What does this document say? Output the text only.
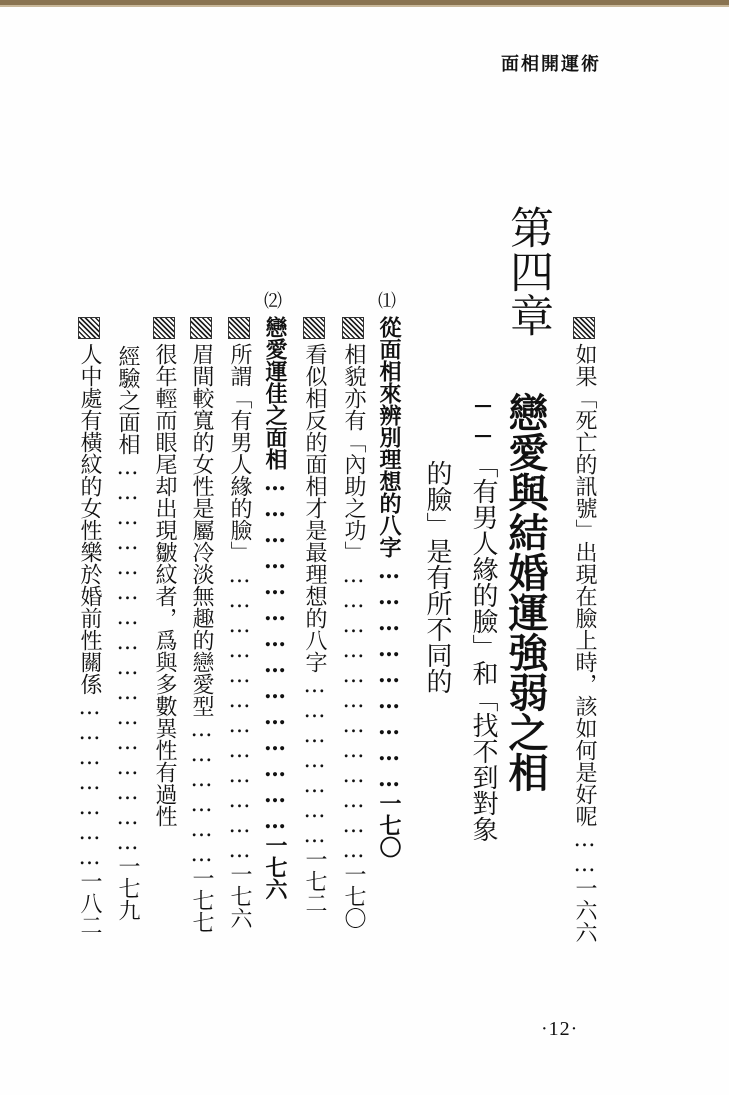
面相開運術
如果「死亡的訊號」出現在臉上時，該如何是好呢……一六六
第四章
戀愛與結婚運強弱之相
──「有男人緣的臉」和「找不到對象
的臉」是有所不同的
⑴
從面相來辨別理想的八字………………………一七〇
相貌亦有「內助之功」………………………………一七〇
看似相反的面相才是最理想的八字…………………一七二
⑵
戀愛運佳之面相……………………………………一七六
所謂「有男人緣的臉」………………………………一七六
眉間較寬的女性是屬冷淡無趣的戀愛型………………一七七
很年輕而眼尾却出現皺紋者，爲與多數異性有過性
經驗之面相…………………………………………一七九
人中處有橫紋的女性樂於婚前性關係…………………一八二
·12·
